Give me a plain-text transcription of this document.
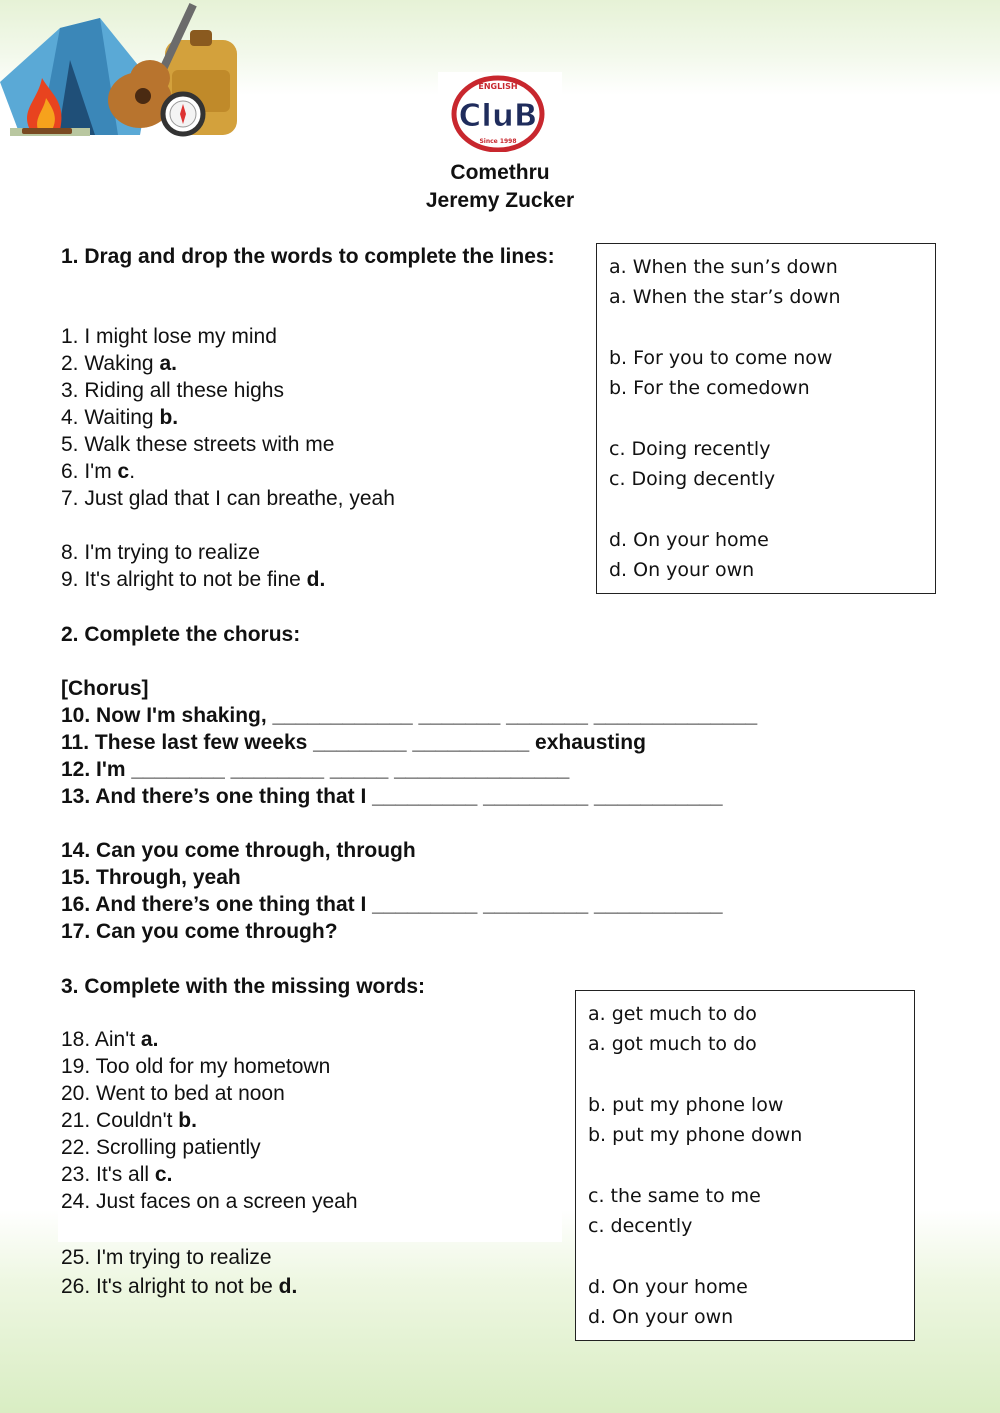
ENGLISH
CluB
Since 1998
Comethru
Jeremy Zucker
1. Drag and drop the words to complete the lines:
1. I might lose my mind
2. Waking a.
3. Riding all these highs
4. Waiting b.
5. Walk these streets with me
6. I'm c.
7. Just glad that I can breathe, yeah
8. I'm trying to realize
9. It's alright to not be fine d.
a. When the sun’s down
a. When the star’s down
b. For you to come now
b. For the comedown
c. Doing recently
c. Doing decently
d. On your home
d. On your own
2. Complete the chorus:
[Chorus]
10. Now I'm shaking, ____________ _______ _______ ______________
11. These last few weeks ________ __________ exhausting
12. I'm ________ ________ _____ _______________
13. And there’s one thing that I _________ _________ ___________
14. Can you come through, through
15. Through, yeah
16. And there’s one thing that I _________ _________ ___________
17. Can you come through?
3. Complete with the missing words:
18. Ain't a.
19. Too old for my hometown
20. Went to bed at noon
21. Couldn't b.
22. Scrolling patiently
23. It's all c.
24. Just faces on a screen yeah
25. I'm trying to realize
26. It's alright to not be d.
a. get much to do
a. got much to do
b. put my phone low
b. put my phone down
c. the same to me
c. decently
d. On your home
d. On your own
